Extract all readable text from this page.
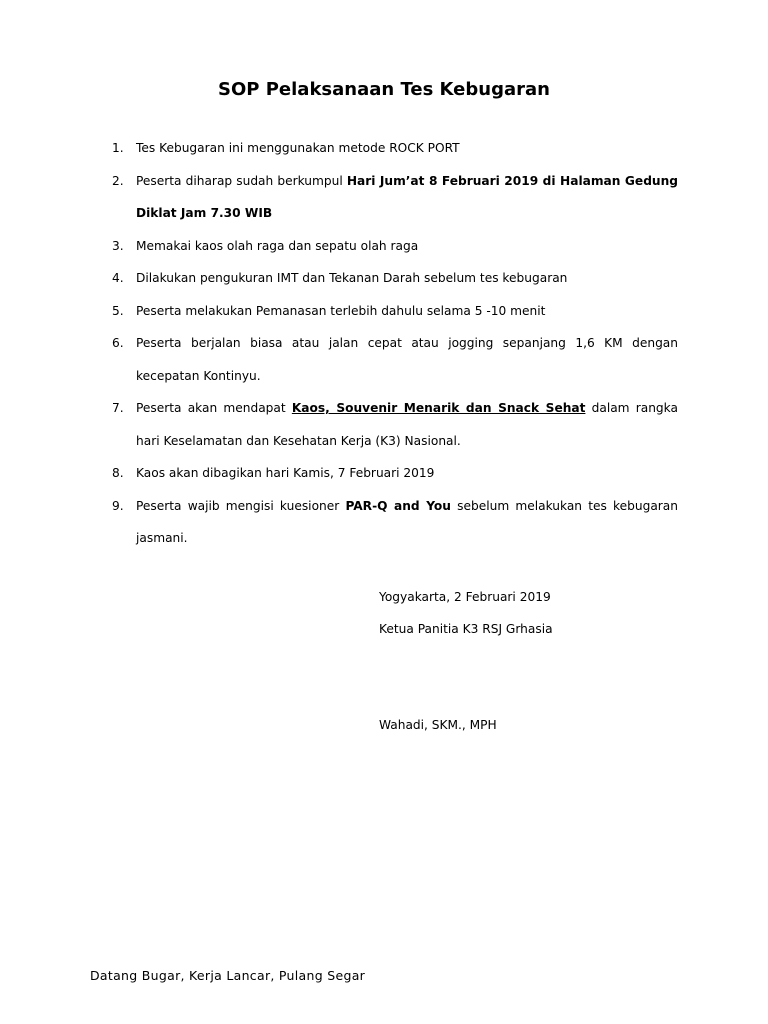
SOP Pelaksanaan Tes Kebugaran
1. Tes Kebugaran ini menggunakan metode ROCK PORT
2. Peserta diharap sudah berkumpul Hari Jum’at 8 Februari 2019 di Halaman Gedung Diklat Jam 7.30 WIB
3. Memakai kaos olah raga dan sepatu olah raga
4. Dilakukan pengukuran IMT dan Tekanan Darah sebelum tes kebugaran
5. Peserta melakukan Pemanasan terlebih dahulu selama 5 -10 menit
6. Peserta berjalan biasa atau jalan cepat atau jogging sepanjang 1,6 KM dengan kecepatan Kontinyu.
7. Peserta akan mendapat Kaos, Souvenir Menarik dan Snack Sehat dalam rangka hari Keselamatan dan Kesehatan Kerja (K3) Nasional.
8. Kaos akan dibagikan hari Kamis, 7 Februari 2019
9. Peserta wajib mengisi kuesioner PAR-Q and You sebelum melakukan tes kebugaran jasmani.

Yogyakarta, 2 Februari 2019

Ketua Panitia K3 RSJ Grhasia

Wahadi, SKM., MPH

Datang Bugar, Kerja Lancar, Pulang Segar
